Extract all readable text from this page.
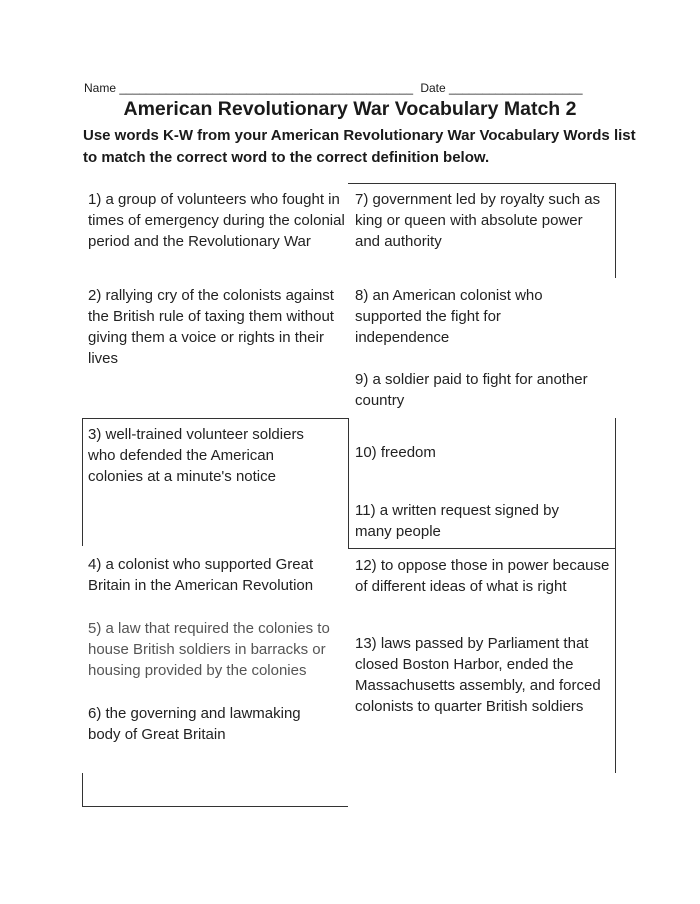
Name ____________________________________________ Date ____________________
American Revolutionary War Vocabulary Match 2
Use words K-W from your American Revolutionary War Vocabulary Words list to match the correct word to the correct definition below.
1) a group of volunteers who fought in times of emergency during the colonial period and the Revolutionary War
2) rallying cry of the colonists against the British rule of taxing them without giving them a voice or rights in their lives
3) well-trained volunteer soldiers who defended the American colonies at a minute's notice
4) a colonist who supported Great Britain in the American Revolution
5) a law that required the colonies to house British soldiers in barracks or housing provided by the colonies
6) the governing and lawmaking body of Great Britain
7) government led by royalty such as king or queen with absolute power and authority
8) an American colonist who supported the fight for independence
9) a soldier paid to fight for another country
10) freedom
11) a written request signed by many people
12) to oppose those in power because of different ideas of what is right
13) laws passed by Parliament that closed Boston Harbor, ended the Massachusetts assembly, and forced colonists to quarter British soldiers
